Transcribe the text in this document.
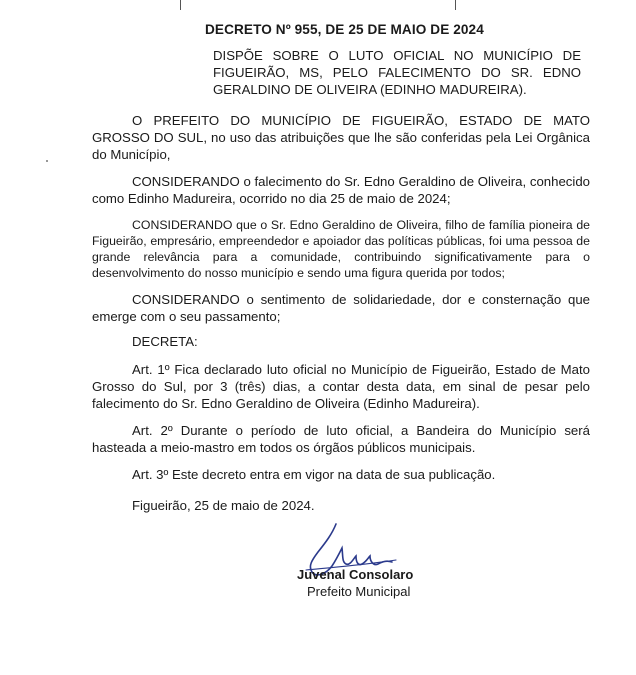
DECRETO Nº 955, DE 25 DE MAIO DE 2024
DISPÕE SOBRE O LUTO OFICIAL NO MUNICÍPIO DE FIGUEIRÃO, MS, PELO FALECIMENTO DO SR. EDNO GERALDINO DE OLIVEIRA (EDINHO MADUREIRA).

O PREFEITO DO MUNICÍPIO DE FIGUEIRÃO, ESTADO DE MATO GROSSO DO SUL, no uso das atribuições que lhe são conferidas pela Lei Orgânica do Município,

CONSIDERANDO o falecimento do Sr. Edno Geraldino de Oliveira, conhecido como Edinho Madureira, ocorrido no dia 25 de maio de 2024;

CONSIDERANDO que o Sr. Edno Geraldino de Oliveira, filho de família pioneira de Figueirão, empresário, empreendedor e apoiador das políticas públicas, foi uma pessoa de grande relevância para a comunidade, contribuindo significativamente para o desenvolvimento do nosso município e sendo uma figura querida por todos;

CONSIDERANDO o sentimento de solidariedade, dor e consternação que emerge com o seu passamento;

DECRETA:

Art. 1º Fica declarado luto oficial no Município de Figueirão, Estado de Mato Grosso do Sul, por 3 (três) dias, a contar desta data, em sinal de pesar pelo falecimento do Sr. Edno Geraldino de Oliveira (Edinho Madureira).

Art. 2º Durante o período de luto oficial, a Bandeira do Município será hasteada a meio-mastro em todos os órgãos públicos municipais.

Art. 3º Este decreto entra em vigor na data de sua publicação.
Figueirão, 25 de maio de 2024.
Juvenal Consolaro
Prefeito Municipal
